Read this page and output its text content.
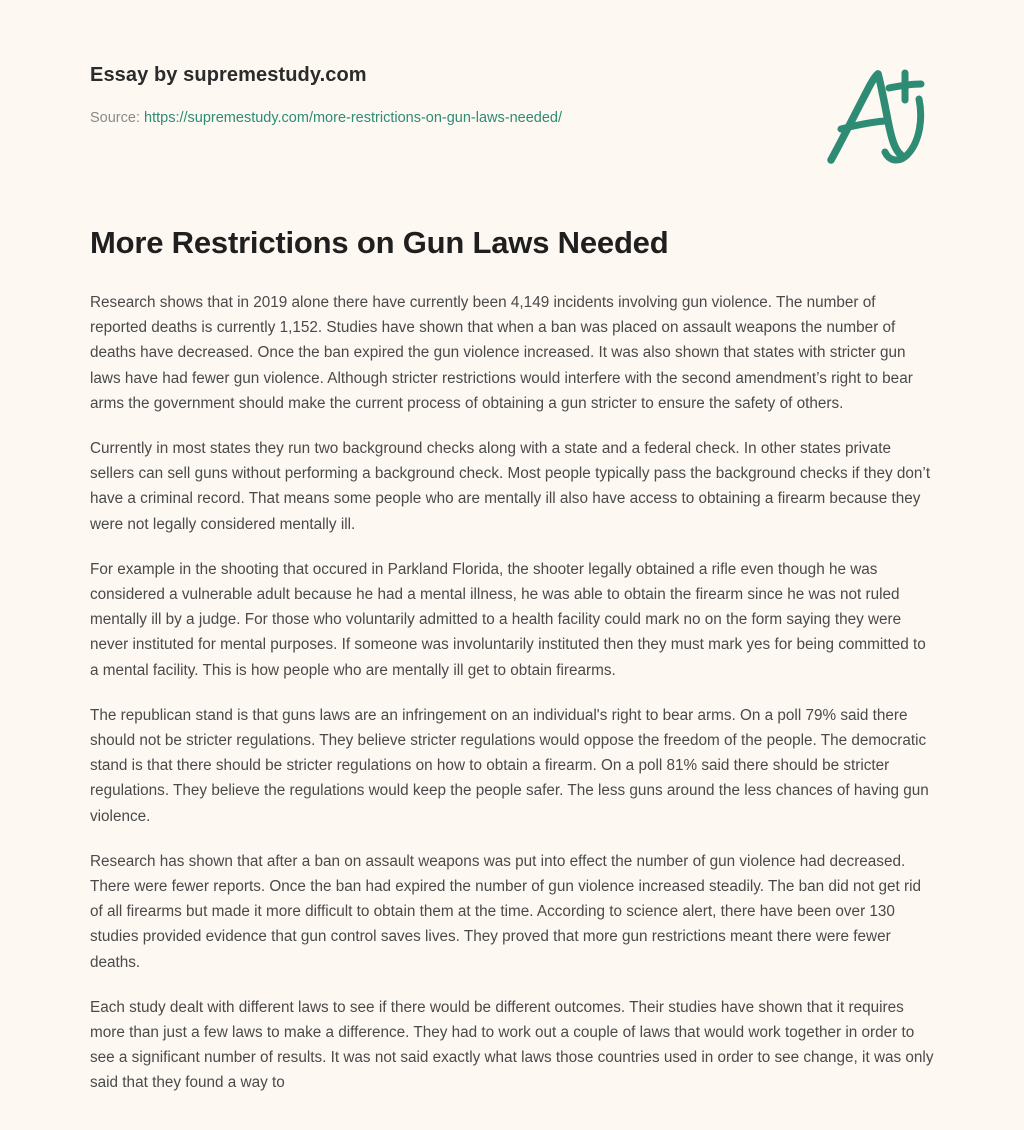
Essay by supremestudy.com
Source: https://supremestudy.com/more-restrictions-on-gun-laws-needed/
More Restrictions on Gun Laws Needed

Research shows that in 2019 alone there have currently been 4,149 incidents involving gun violence. The number of reported deaths is currently 1,152. Studies have shown that when a ban was placed on assault weapons the number of deaths have decreased. Once the ban expired the gun violence increased. It was also shown that states with stricter gun laws have had fewer gun violence. Although stricter restrictions would interfere with the second amendment’s right to bear arms the government should make the current process of obtaining a gun stricter to ensure the safety of others.

Currently in most states they run two background checks along with a state and a federal check. In other states private sellers can sell guns without performing a background check. Most people typically pass the background checks if they don’t have a criminal record. That means some people who are mentally ill also have access to obtaining a firearm because they were not legally considered mentally ill.

For example in the shooting that occured in Parkland Florida, the shooter legally obtained a rifle even though he was considered a vulnerable adult because he had a mental illness, he was able to obtain the firearm since he was not ruled mentally ill by a judge. For those who voluntarily admitted to a health facility could mark no on the form saying they were never instituted for mental purposes. If someone was involuntarily instituted then they must mark yes for being committed to a mental facility. This is how people who are mentally ill get to obtain firearms.

The republican stand is that guns laws are an infringement on an individual's right to bear arms. On a poll 79% said there should not be stricter regulations. They believe stricter regulations would oppose the freedom of the people. The democratic stand is that there should be stricter regulations on how to obtain a firearm. On a poll 81% said there should be stricter regulations. They believe the regulations would keep the people safer. The less guns around the less chances of having gun violence.

Research has shown that after a ban on assault weapons was put into effect the number of gun violence had decreased. There were fewer reports. Once the ban had expired the number of gun violence increased steadily. The ban did not get rid of all firearms but made it more difficult to obtain them at the time. According to science alert, there have been over 130 studies provided evidence that gun control saves lives. They proved that more gun restrictions meant there were fewer deaths.

Each study dealt with different laws to see if there would be different outcomes. Their studies have shown that it requires more than just a few laws to make a difference. They had to work out a couple of laws that would work together in order to see a significant number of results. It was not said exactly what laws those countries used in order to see change, it was only said that they found a way to
